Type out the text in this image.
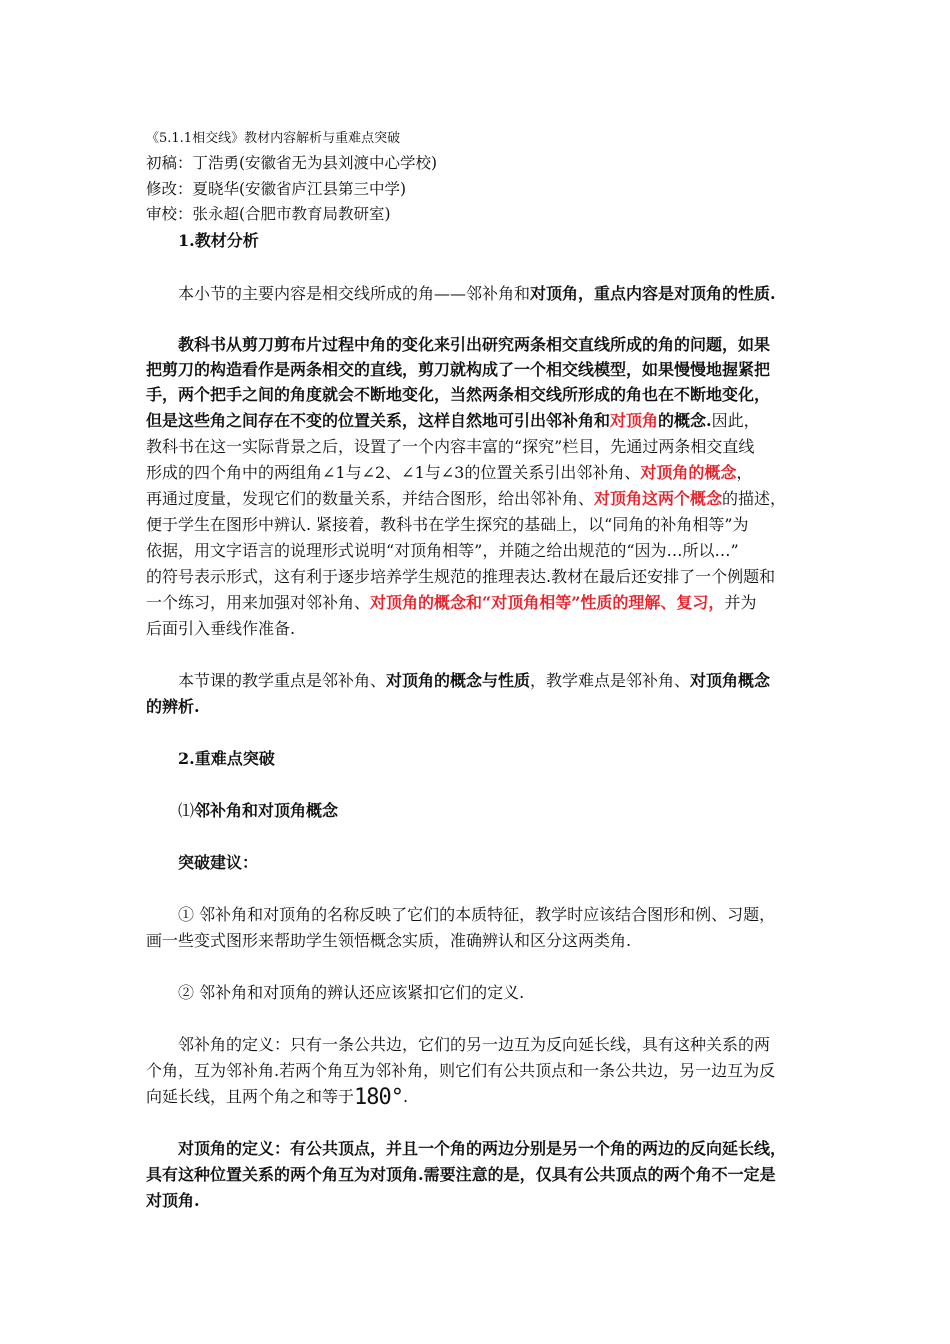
《5.1.1相交线》教材内容解析与重难点突破
初稿：丁浩勇(安徽省无为县刘渡中心学校)
修改：夏晓华(安徽省庐江县第三中学)
审校：张永超(合肥市教育局教研室)
1.教材分析
本小节的主要内容是相交线所成的角——邻补角和对顶角，重点内容是对顶角的性质.
教科书从剪刀剪布片过程中角的变化来引出研究两条相交直线所成的角的问题，如果
把剪刀的构造看作是两条相交的直线，剪刀就构成了一个相交线模型，如果慢慢地握紧把
手，两个把手之间的角度就会不断地变化，当然两条相交线所形成的角也在不断地变化，
但是这些角之间存在不变的位置关系，这样自然地可引出邻补角和对顶角的概念.因此，
教科书在这一实际背景之后，设置了一个内容丰富的“探究”栏目，先通过两条相交直线
形成的四个角中的两组角∠1与∠2、∠1与∠3的位置关系引出邻补角、对顶角的概念，
再通过度量，发现它们的数量关系，并结合图形，给出邻补角、对顶角这两个概念的描述，
便于学生在图形中辨认. 紧接着，教科书在学生探究的基础上，以“同角的补角相等”为
依据，用文字语言的说理形式说明“对顶角相等”，并随之给出规范的“因为…所以…”
的符号表示形式，这有利于逐步培养学生规范的推理表达.教材在最后还安排了一个例题和
一个练习，用来加强对邻补角、对顶角的概念和“对顶角相等”性质的理解、复习，并为
后面引入垂线作准备.
本节课的教学重点是邻补角、对顶角的概念与性质，教学难点是邻补角、对顶角概念
的辨析.
2.重难点突破
⑴邻补角和对顶角概念
突破建议：
① 邻补角和对顶角的名称反映了它们的本质特征，教学时应该结合图形和例、习题，
画一些变式图形来帮助学生领悟概念实质，准确辨认和区分这两类角.
② 邻补角和对顶角的辨认还应该紧扣它们的定义.
邻补角的定义：只有一条公共边，它们的另一边互为反向延长线，具有这种关系的两
个角，互为邻补角.若两个角互为邻补角，则它们有公共顶点和一条公共边，另一边互为反
向延长线，且两个角之和等于180°.
对顶角的定义：有公共顶点，并且一个角的两边分别是另一个角的两边的反向延长线，
具有这种位置关系的两个角互为对顶角.需要注意的是，仅具有公共顶点的两个角不一定是
对顶角.
